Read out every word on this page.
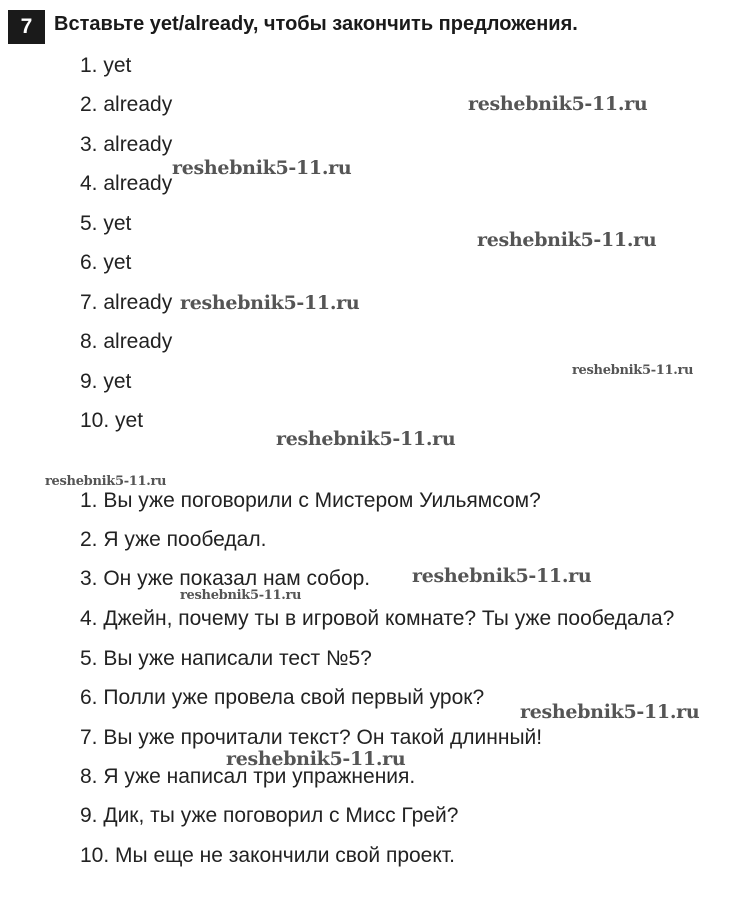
7	Вставьте yet/already, чтобы закончить предложения.
1. yet
2. already
3. already
4. already
5. yet
6. yet
7. already
8. already
9. yet
10. yet
1. Вы уже поговорили с Мистером Уильямсом?
2. Я уже пообедал.
3. Он уже показал нам собор.
4. Джейн, почему ты в игровой комнате? Ты уже пообедала?
5. Вы уже написали тест №5?
6. Полли уже провела свой первый урок?
7. Вы уже прочитали текст? Он такой длинный!
8. Я уже написал три упражнения.
9. Дик, ты уже поговорил с Мисс Грей?
10. Мы еще не закончили свой проект.
reshebnik5-11.ru
reshebnik5-11.ru
reshebnik5-11.ru
reshebnik5-11.ru
reshebnik5-11.ru
reshebnik5-11.ru
reshebnik5-11.ru
reshebnik5-11.ru
reshebnik5-11.ru
reshebnik5-11.ru
reshebnik5-11.ru
